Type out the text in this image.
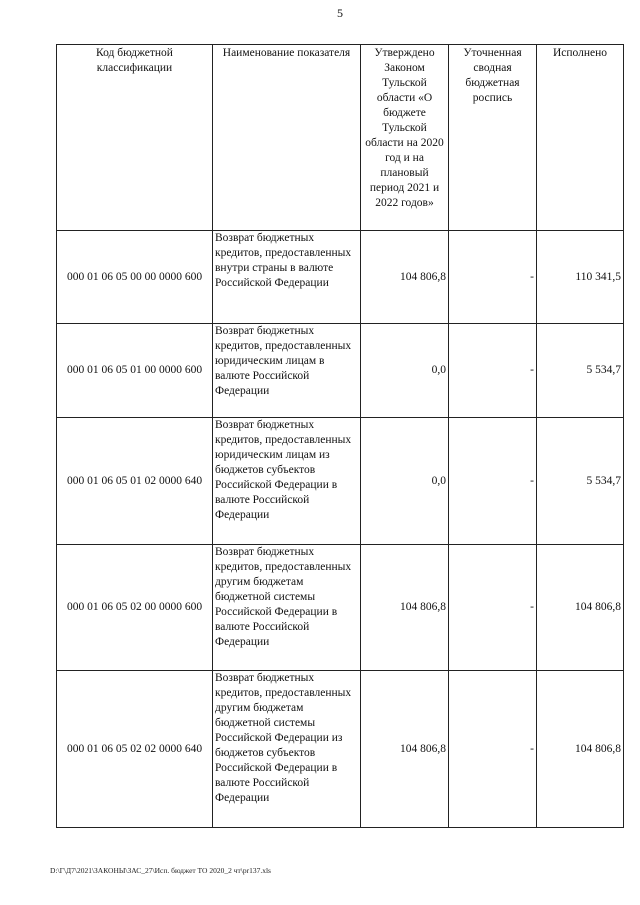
5
Код бюджетной классификации	Наименование показателя	Утверждено Законом Тульской области «О бюджете Тульской области на 2020 год и на плановый период 2021 и 2022 годов»	Уточненная сводная бюджетная роспись	Исполнено
000 01 06 05 00 00 0000 600	Возврат бюджетных кредитов, предоставленных внутри страны в валюте Российской Федерации	104 806,8	-	110 341,5
000 01 06 05 01 00 0000 600	Возврат бюджетных кредитов, предоставленных юридическим лицам в валюте Российской Федерации	0,0	-	5 534,7
000 01 06 05 01 02 0000 640	Возврат бюджетных кредитов, предоставленных юридическим лицам из бюджетов субъектов Российской Федерации в валюте Российской Федерации	0,0	-	5 534,7
000 01 06 05 02 00 0000 600	Возврат бюджетных кредитов, предоставленных другим бюджетам бюджетной системы Российской Федерации в валюте Российской Федерации	104 806,8	-	104 806,8
000 01 06 05 02 02 0000 640	Возврат бюджетных кредитов, предоставленных другим бюджетам бюджетной системы Российской Федерации из бюджетов субъектов Российской Федерации в валюте Российской Федерации	104 806,8	-	104 806,8
D:\Г\Д7\2021\ЗАКОНЫ\ЗАС_27\Исп. бюджет ТО 2020_2 чт\pr137.xls
